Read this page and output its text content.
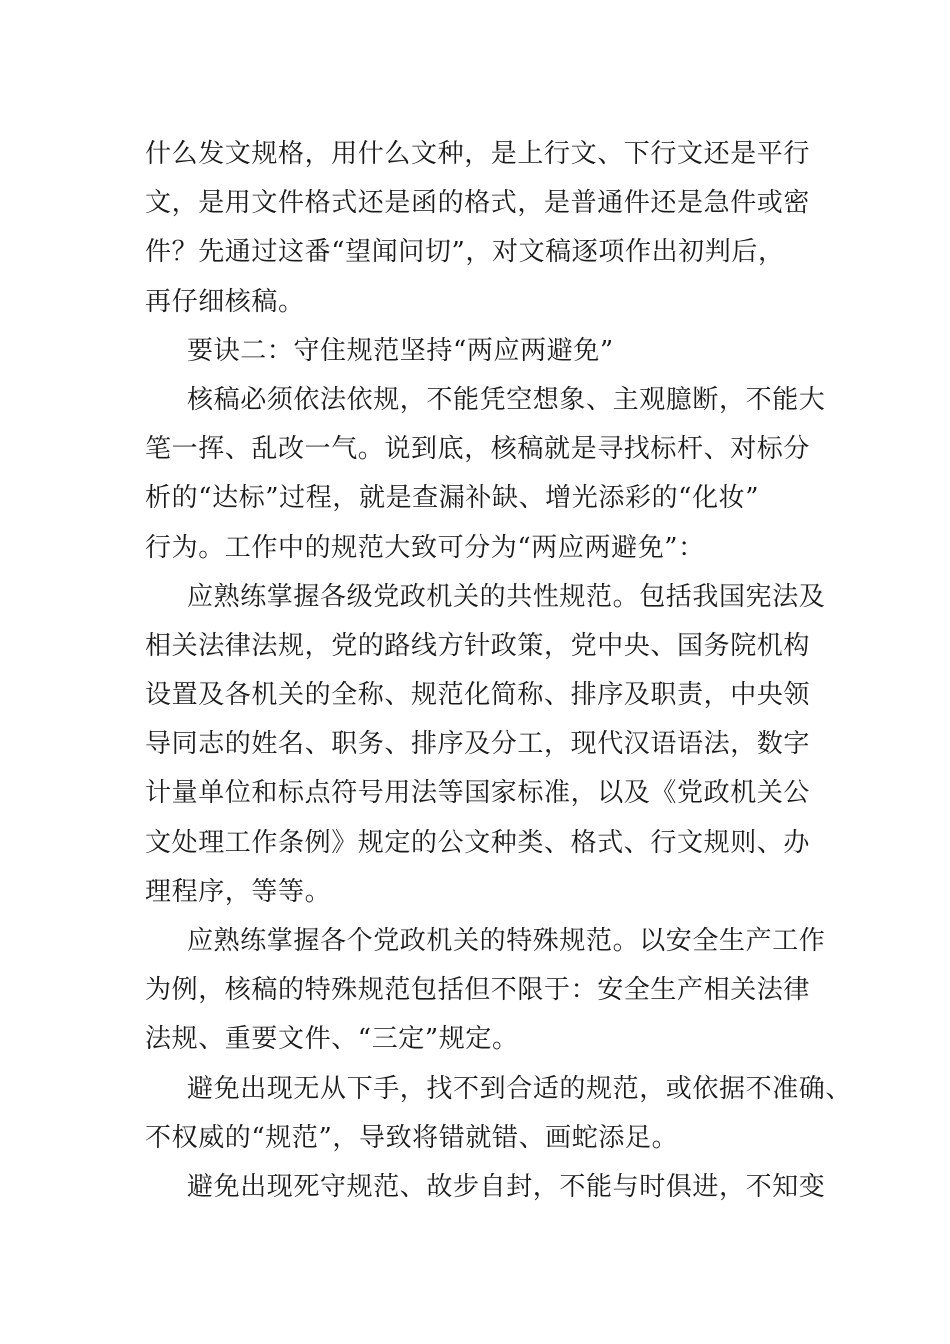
什么发文规格，用什么文种，是上行文、下行文还是平行
文，是用文件格式还是函的格式，是普通件还是急件或密
件？先通过这番“望闻问切”，对文稿逐项作出初判后，
再仔细核稿。
要诀二：守住规范坚持“两应两避免”
核稿必须依法依规，不能凭空想象、主观臆断，不能大
笔一挥、乱改一气。说到底，核稿就是寻找标杆、对标分
析的“达标”过程，就是查漏补缺、增光添彩的“化妆”
行为。工作中的规范大致可分为“两应两避免”：
应熟练掌握各级党政机关的共性规范。包括我国宪法及
相关法律法规，党的路线方针政策，党中央、国务院机构
设置及各机关的全称、规范化简称、排序及职责，中央领
导同志的姓名、职务、排序及分工，现代汉语语法，数字
计量单位和标点符号用法等国家标准，以及《党政机关公
文处理工作条例》规定的公文种类、格式、行文规则、办
理程序，等等。
应熟练掌握各个党政机关的特殊规范。以安全生产工作
为例，核稿的特殊规范包括但不限于：安全生产相关法律
法规、重要文件、“三定”规定。
避免出现无从下手，找不到合适的规范，或依据不准确、
不权威的“规范”，导致将错就错、画蛇添足。
避免出现死守规范、故步自封，不能与时俱进，不知变
